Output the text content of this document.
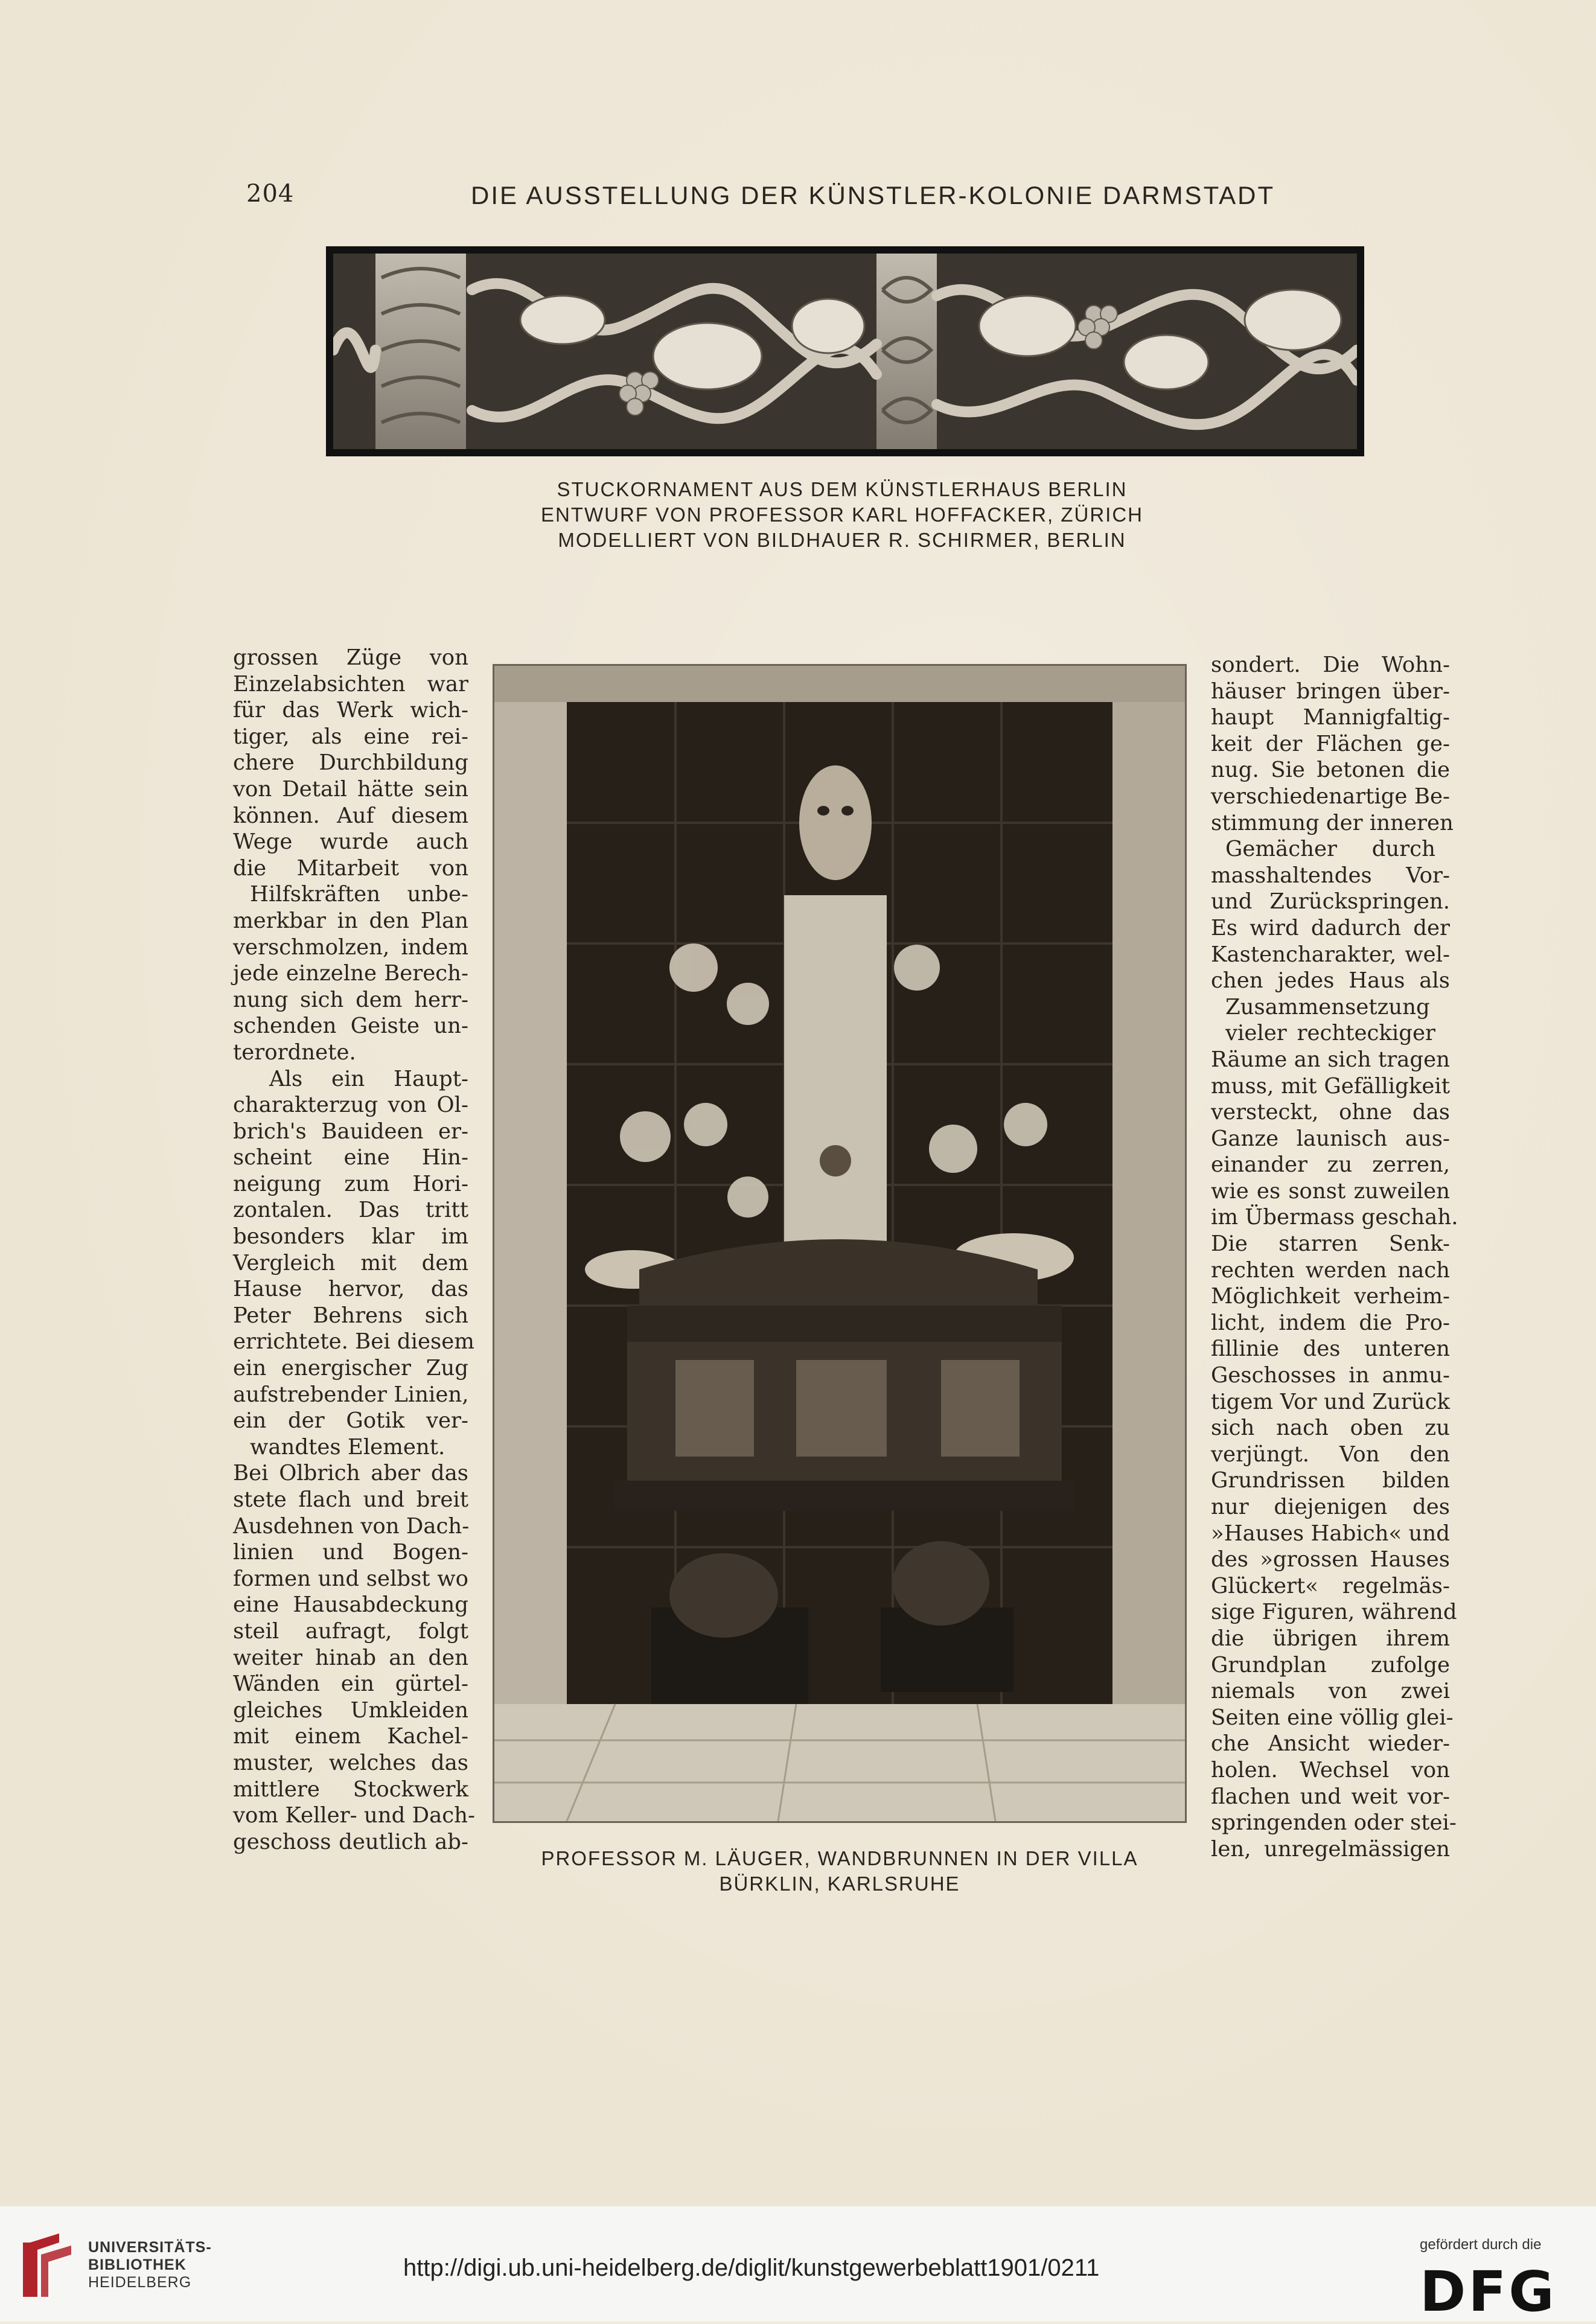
204	DIE AUSSTELLUNG DER KÜNSTLER-KOLONIE DARMSTADT
STUCKORNAMENT AUS DEM KÜNSTLERHAUS BERLIN
ENTWURF VON PROFESSOR KARL HOFFACKER, ZÜRICH
MODELLIERT VON BILDHAUER R. SCHIRMER, BERLIN

grossen Züge von

Einzelabsichten war

für das Werk wich-

tiger, als eine rei-

chere Durchbildung

von Detail hätte sein

können. Auf diesem

Wege wurde auch

die Mitarbeit von

Hilfskräften unbe-

merkbar in den Plan

verschmolzen, indem

jede einzelne Berech-

nung sich dem herr-

schenden Geiste un-

terordnete.

Als ein Haupt-

charakterzug von Ol-

brich's Bauideen er-

scheint eine Hin-

neigung zum Hori-

zontalen. Das tritt

besonders klar im

Vergleich mit dem

Hause hervor, das

Peter Behrens sich

errichtete. Bei diesem

ein energischer Zug

aufstrebender Linien,

ein der Gotik ver-

wandtes Element.

Bei Olbrich aber das

stete flach und breit

Ausdehnen von Dach-

linien und Bogen-

formen und selbst wo

eine Hausabdeckung

steil aufragt, folgt

weiter hinab an den

Wänden ein gürtel-

gleiches Umkleiden

mit einem Kachel-

muster, welches das

mittlere Stockwerk

vom Keller- und Dach-

geschoss deutlich ab-

PROFESSOR M. LÄUGER, WANDBRUNNEN IN DER VILLA
BÜRKLIN, KARLSRUHE

sondert. Die Wohn-

häuser bringen über-

haupt Mannigfaltig-

keit der Flächen ge-

nug. Sie betonen die

verschiedenartige Be-

stimmung der inneren

Gemächer durch

masshaltendes Vor-

und Zurückspringen.

Es wird dadurch der

Kastencharakter, wel-

chen jedes Haus als

Zusammensetzung

vieler rechteckiger

Räume an sich tragen

muss, mit Gefälligkeit

versteckt, ohne das

Ganze launisch aus-

einander zu zerren,

wie es sonst zuweilen

im Übermass geschah.

Die starren Senk-

rechten werden nach

Möglichkeit verheim-

licht, indem die Pro-

fillinie des unteren

Geschosses in anmu-

tigem Vor und Zurück

sich nach oben zu

verjüngt. Von den

Grundrissen bilden

nur diejenigen des

»Hauses Habich« und

des »grossen Hauses

Glückert« regelmäs-

sige Figuren, während

die übrigen ihrem

Grundplan zufolge

niemals von zwei

Seiten eine völlig glei-

che Ansicht wieder-

holen. Wechsel von

flachen und weit vor-

springenden oder stei-

len, unregelmässigen

UNIVERSITÄTS-
BIBLIOTHEK
HEIDELBERG
http://digi.ub.uni-heidelberg.de/diglit/kunstgewerbeblatt1901/0211
gefördert durch die
DFG
